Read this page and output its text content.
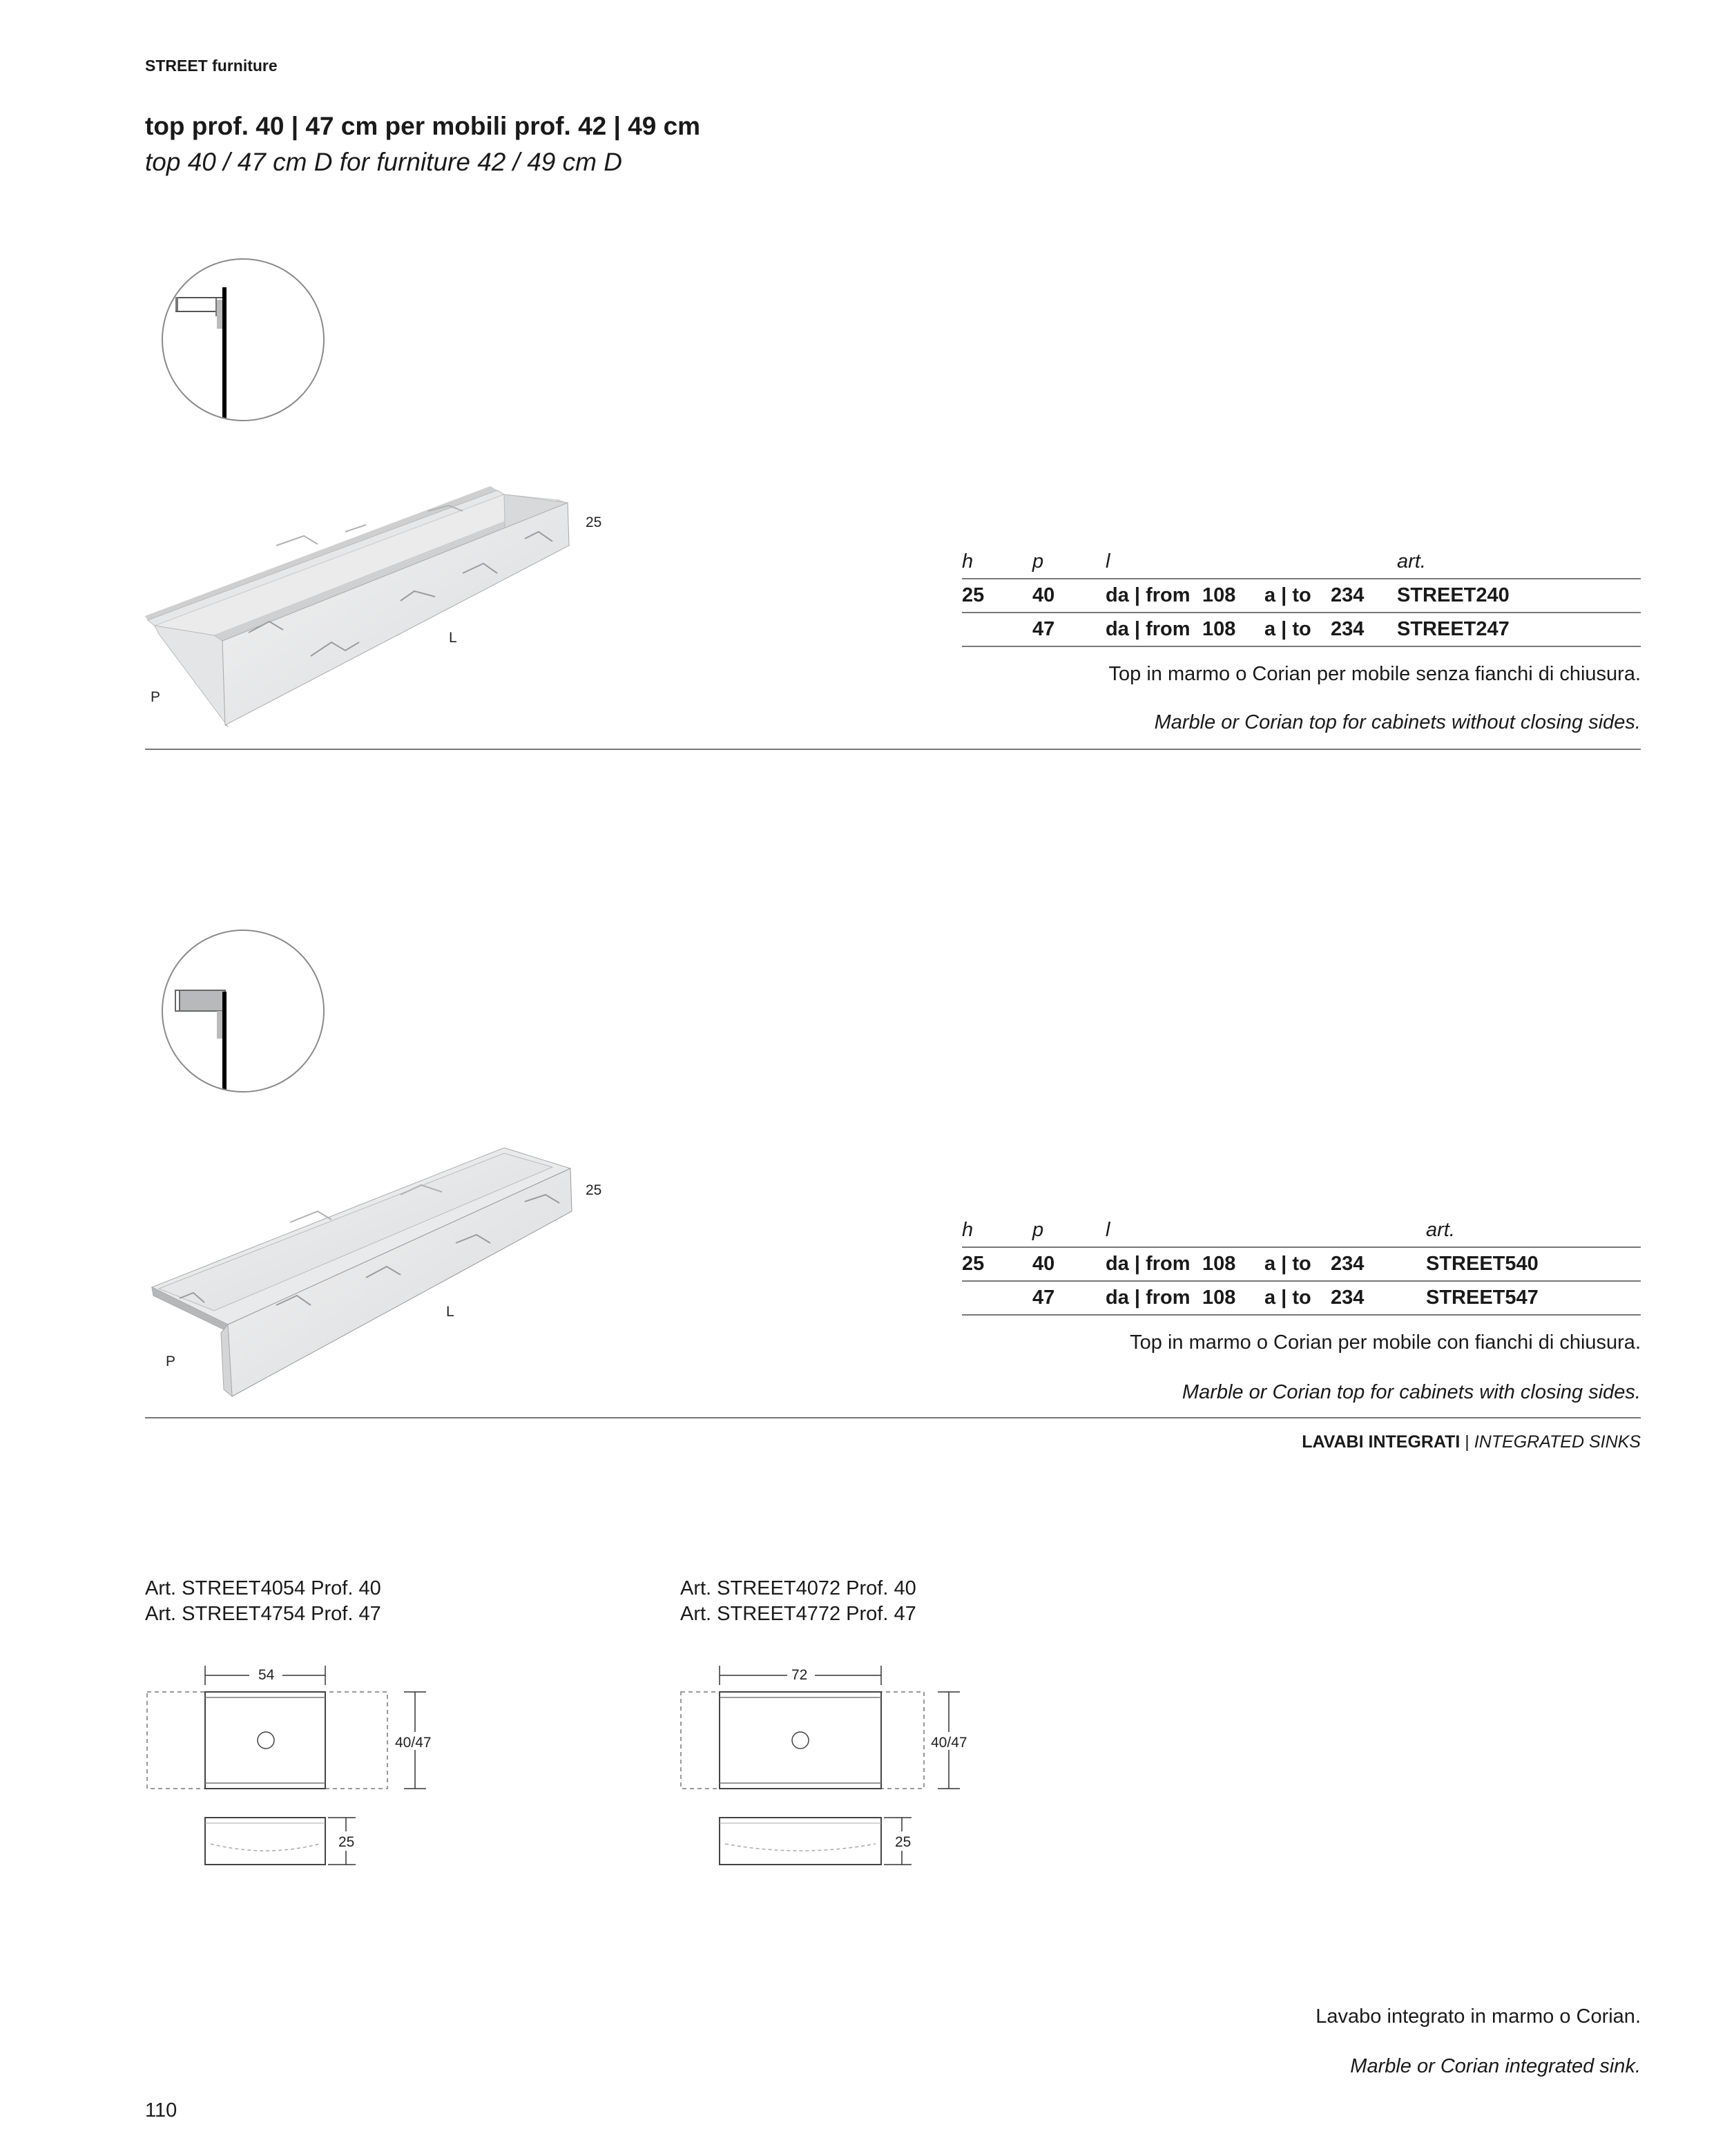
STREET furniture
top prof. 40 | 47 cm per mobili prof. 42 | 49 cm
top 40 / 47 cm D for furniture 42 / 49 cm D
25
L
P
h	p	l				art.
25	40	da | from	108	a | to	234	STREET240
	47	da | from	108	a | to	234	STREET247
Top in marmo o Corian per mobile senza fianchi di chiusura.
Marble or Corian top for cabinets without closing sides.
25
L
P
h	p	l				art.
25	40	da | from	108	a | to	234	STREET540
	47	da | from	108	a | to	234	STREET547
Top in marmo o Corian per mobile con fianchi di chiusura.
Marble or Corian top for cabinets with closing sides.
LAVABI INTEGRATI | INTEGRATED SINKS
Art. STREET4054 Prof. 40
Art. STREET4754 Prof. 47
54
40/47
25
Art. STREET4072 Prof. 40
Art. STREET4772 Prof. 47
72
40/47
25
Lavabo integrato in marmo o Corian.
Marble or Corian integrated sink.
110
